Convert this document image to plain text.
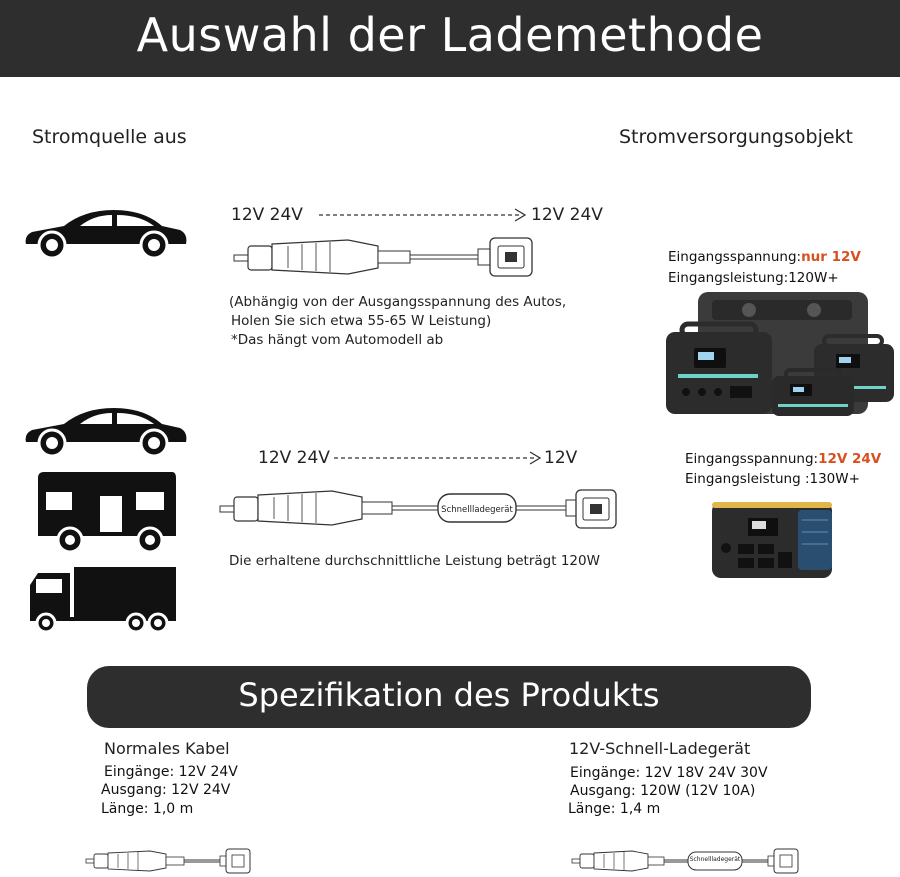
Auswahl der Lademethode
Stromquelle aus	Stromversorgungsobjekt
12V 24V	12V 24V
(Abhängig von der Ausgangsspannung des Autos,
Holen Sie sich etwa 55-65 W Leistung)
*Das hängt vom Automodell ab
Eingangsspannung:nur 12V
Eingangsleistung:120W+
12V 24V	12V
Schnellladegerät
Die erhaltene durchschnittliche Leistung beträgt 120W
Eingangsspannung:12V 24V
Eingangsleistung :130W+
Spezifikation des Produkts
Normales Kabel
Eingänge: 12V 24V
Ausgang: 12V 24V
Länge: 1,0 m
12V-Schnell-Ladegerät
Eingänge: 12V 18V 24V 30V
Ausgang: 120W (12V 10A)
Länge: 1,4 m
Schnellladegerät
